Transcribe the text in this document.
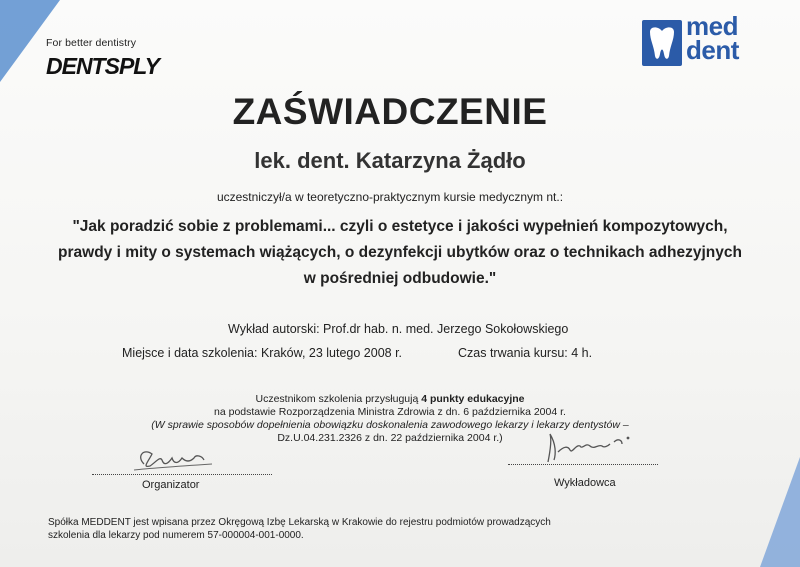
For better dentistry
DENTSPLY
med
dent
ZAŚWIADCZENIE
lek. dent. Katarzyna Żądło
uczestniczył/a w teoretyczno-praktycznym kursie medycznym nt.:
"Jak poradzić sobie z problemami... czyli o estetyce i jakości wypełnień kompozytowych,
prawdy i mity o systemach wiążących, o dezynfekcji ubytków oraz o technikach adhezyjnych
w pośredniej odbudowie."
Wykład autorski: Prof.dr hab. n. med. Jerzego Sokołowskiego
Miejsce i data szkolenia: Kraków, 23 lutego 2008 r.	Czas trwania kursu: 4 h.
Uczestnikom szkolenia przysługują 4 punkty edukacyjne
na podstawie Rozporządzenia Ministra Zdrowia z dn. 6 października 2004 r.
(W sprawie sposobów dopełnienia obowiązku doskonalenia zawodowego lekarzy i lekarzy dentystów –
Dz.U.04.231.2326 z dn. 22 października 2004 r.)
Organizator	Wykładowca
Spółka MEDDENT jest wpisana przez Okręgową Izbę Lekarską w Krakowie do rejestru podmiotów prowadzących
szkolenia dla lekarzy pod numerem 57-000004-001-0000.
